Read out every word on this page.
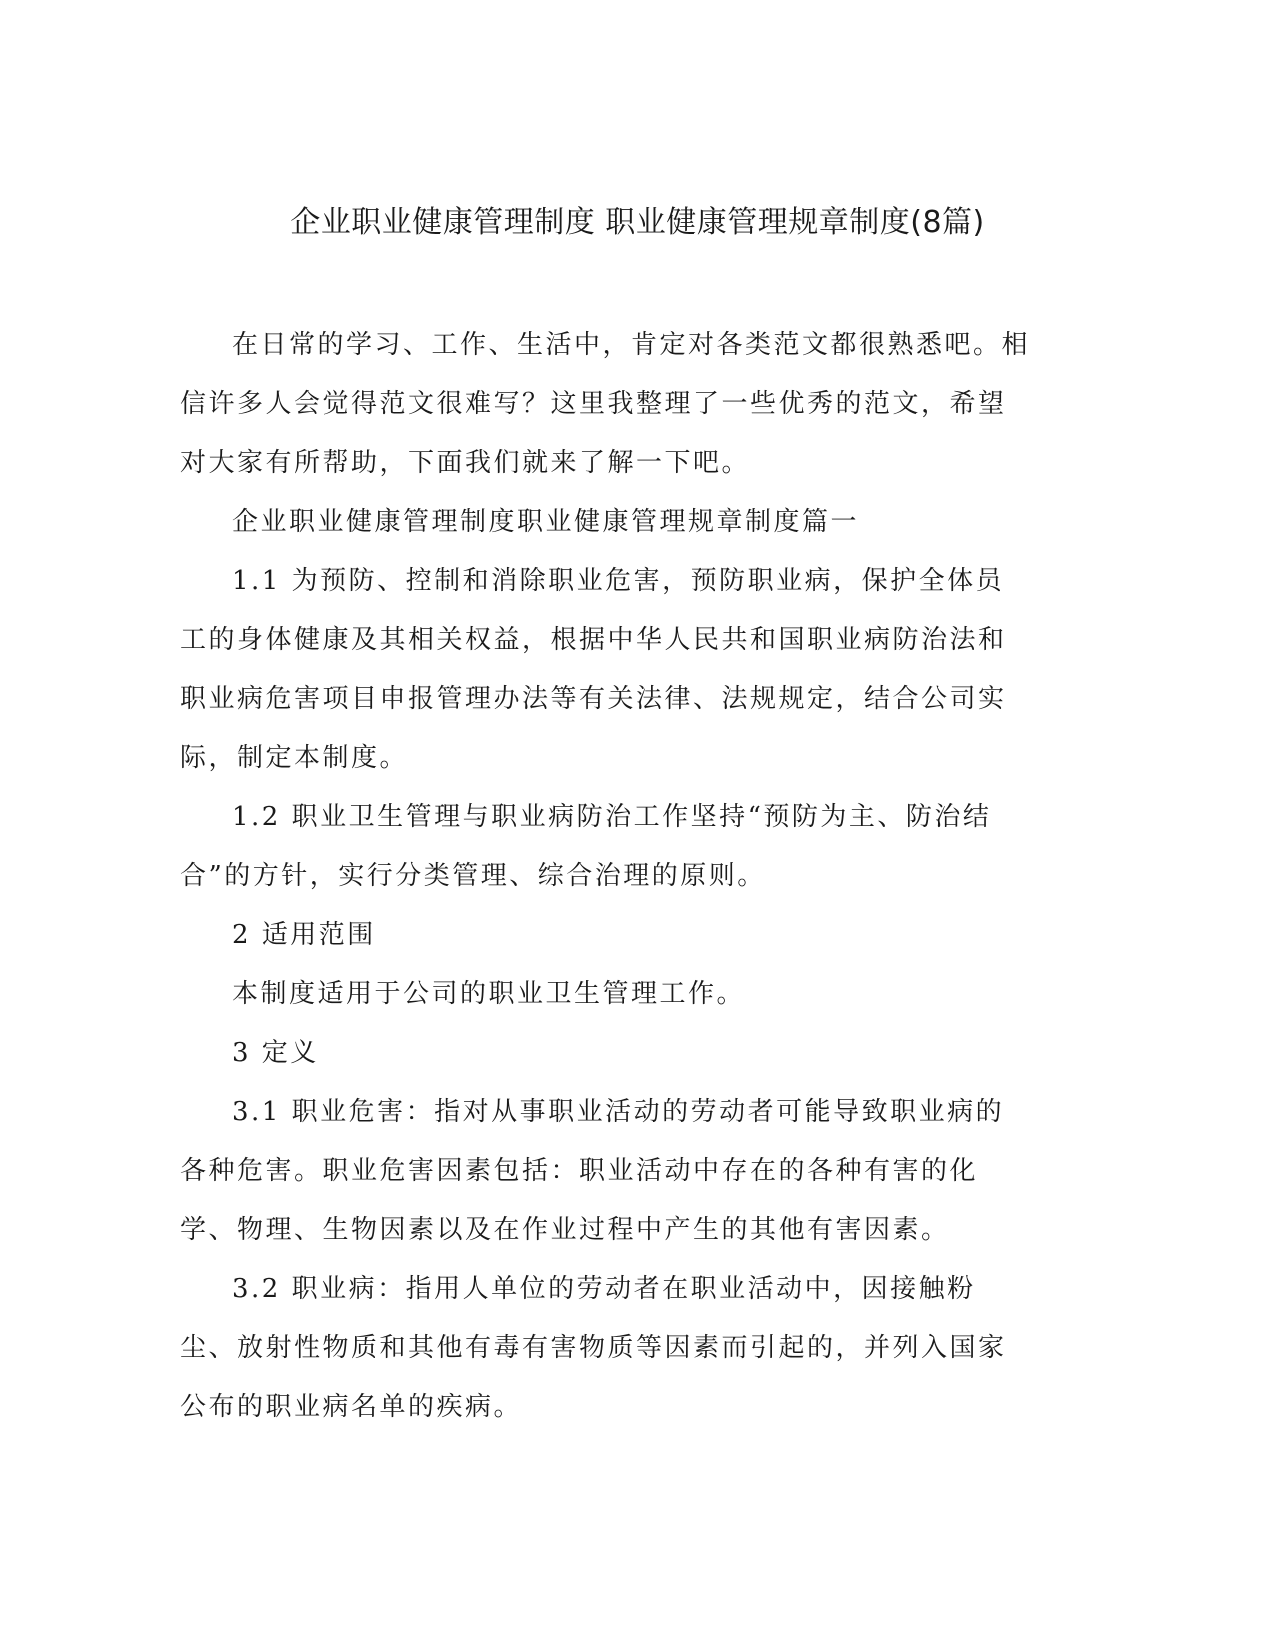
企业职业健康管理制度 职业健康管理规章制度(8篇)

在日常的学习、工作、生活中，肯定对各类范文都很熟悉吧。相信许多人会觉得范文很难写？这里我整理了一些优秀的范文，希望对大家有所帮助，下面我们就来了解一下吧。

企业职业健康管理制度职业健康管理规章制度篇一

1.1 为预防、控制和消除职业危害，预防职业病，保护全体员工的身体健康及其相关权益，根据中华人民共和国职业病防治法和职业病危害项目申报管理办法等有关法律、法规规定，结合公司实际，制定本制度。

1.2 职业卫生管理与职业病防治工作坚持“预防为主、防治结合”的方针，实行分类管理、综合治理的原则。

2 适用范围

本制度适用于公司的职业卫生管理工作。

3 定义

3.1 职业危害：指对从事职业活动的劳动者可能导致职业病的各种危害。职业危害因素包括：职业活动中存在的各种有害的化学、物理、生物因素以及在作业过程中产生的其他有害因素。

3.2 职业病：指用人单位的劳动者在职业活动中，因接触粉尘、放射性物质和其他有毒有害物质等因素而引起的，并列入国家公布的职业病名单的疾病。
